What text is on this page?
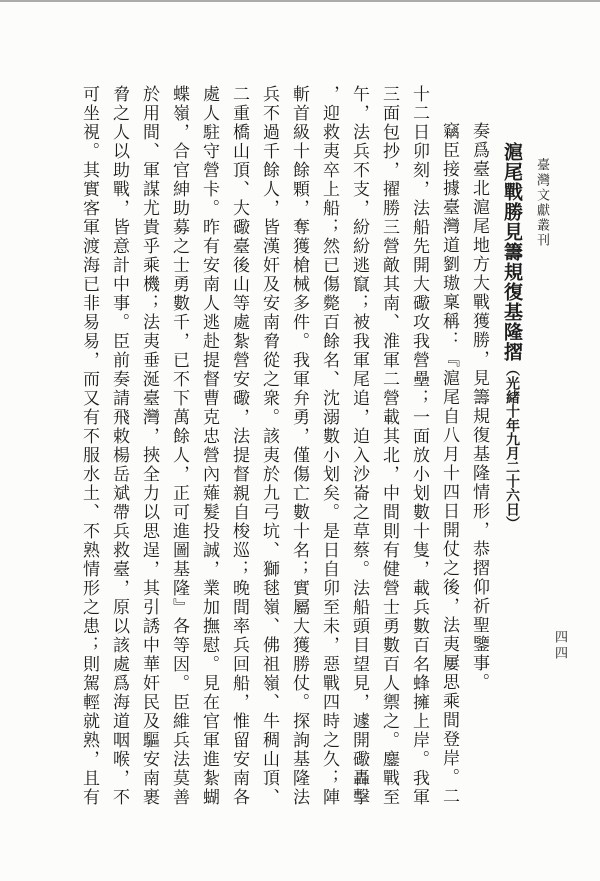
臺灣文獻叢刊
四四
滬尾戰勝見籌規復基隆摺（光緒十年九月二十六日）
奏爲臺北滬尾地方大戰獲勝，見籌規復基隆情形，恭摺仰祈聖鑒事。
竊臣接據臺灣道劉璈稟稱：『滬尾自八月十四日開仗之後，法夷屢思乘間登岸。二
十二日卯刻，法船先開大礮攻我營壘；一面放小划數十隻，載兵數百名蜂擁上岸。我軍
三面包抄，擢勝三營敵其南、淮軍二營載其北，中間則有健營士勇數百人禦之。鏖戰至
午，法兵不支，紛紛逃竄；被我軍尾追，迫入沙崙之草蔡。法船頭目望見，遽開礮轟擊
，迎救夷卒上船；然已傷斃百餘名、沈溺數小划矣。是日自卯至未，惡戰四時之久；陣
斬首級十餘顆，奪獲槍械多件。我軍弁勇，僅傷亡數十名；實屬大獲勝仗。探詢基隆法
兵不過千餘人，皆漢奸及安南脅從之衆。該夷於九弓坑、獅毬嶺、佛祖嶺、牛稠山頂、
二重橋山頂、大礮臺後山等處紮營安礮，法提督親自梭巡；晚間率兵回船，惟留安南各
處人駐守營卡。昨有安南人逃赴提督曹克忠營內薙髮投誠，業加撫慰。見在官軍進紮蝴
蝶嶺，合官紳助募之士勇數千，已不下萬餘人，正可進圖基隆』各等因。臣維兵法莫善
於用間、軍謀尤貴乎乘機；法夷垂涎臺灣，挾全力以思逞，其引誘中華奸民及驅安南裹
脅之人以助戰，皆意計中事。臣前奏請飛敕楊岳斌帶兵救臺，原以該處爲海道咽喉，不
可坐視。其實客軍渡海已非易易，而又有不服水土、不熟情形之患；則駕輕就熟，且有
